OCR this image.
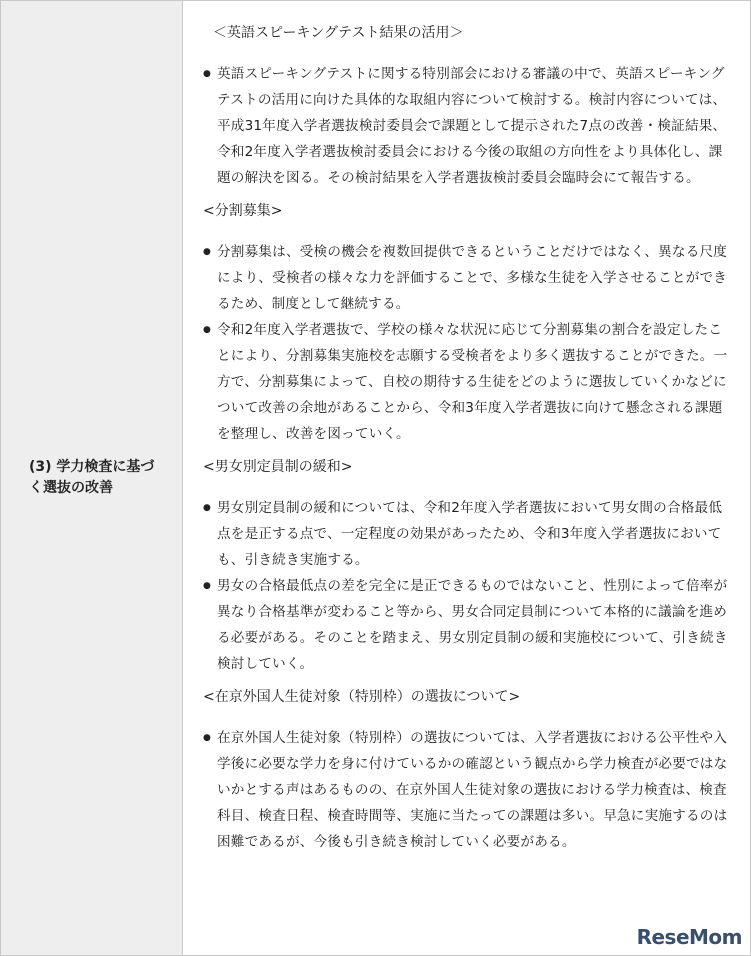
(3) 学力検査に基づく選抜の改善
＜英語スピーキングテスト結果の活用＞
● 英語スピーキングテストに関する特別部会における審議の中で、英語スピーキングテストの活用に向けた具体的な取組内容について検討する。検討内容については、平成31年度入学者選抜検討委員会で課題として提示された7点の改善・検証結果、令和2年度入学者選抜検討委員会における今後の取組の方向性をより具体化し、課題の解決を図る。その検討結果を入学者選抜検討委員会臨時会にて報告する。
<分割募集>
● 分割募集は、受検の機会を複数回提供できるということだけではなく、異なる尺度により、受検者の様々な力を評価することで、多様な生徒を入学させることができるため、制度として継続する。
● 令和2年度入学者選抜で、学校の様々な状況に応じて分割募集の割合を設定したことにより、分割募集実施校を志願する受検者をより多く選抜することができた。一方で、分割募集によって、自校の期待する生徒をどのように選抜していくかなどについて改善の余地があることから、令和3年度入学者選抜に向けて懸念される課題を整理し、改善を図っていく。
<男女別定員制の緩和>
● 男女別定員制の緩和については、令和2年度入学者選抜において男女間の合格最低点を是正する点で、一定程度の効果があったため、令和3年度入学者選抜においても、引き続き実施する。
● 男女の合格最低点の差を完全に是正できるものではないこと、性別によって倍率が異なり合格基準が変わること等から、男女合同定員制について本格的に議論を進める必要がある。そのことを踏まえ、男女別定員制の緩和実施校について、引き続き検討していく。
<在京外国人生徒対象（特別枠）の選抜について>
● 在京外国人生徒対象（特別枠）の選抜については、入学者選抜における公平性や入学後に必要な学力を身に付けているかの確認という観点から学力検査が必要ではないかとする声はあるものの、在京外国人生徒対象の選抜における学力検査は、検査科目、検査日程、検査時間等、実施に当たっての課題は多い。早急に実施するのは困難であるが、今後も引き続き検討していく必要がある。
ReseMom
